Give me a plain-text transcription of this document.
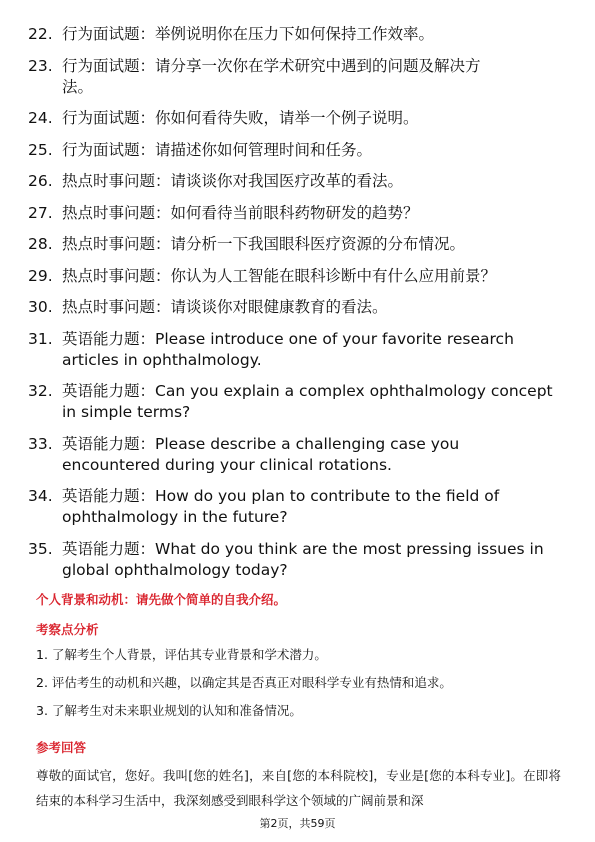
22. 行为面试题：举例说明你在压力下如何保持工作效率。
23. 行为面试题：请分享一次你在学术研究中遇到的问题及解决方
法。
24. 行为面试题：你如何看待失败，请举一个例子说明。
25. 行为面试题：请描述你如何管理时间和任务。
26. 热点时事问题：请谈谈你对我国医疗改革的看法。
27. 热点时事问题：如何看待当前眼科药物研发的趋势？
28. 热点时事问题：请分析一下我国眼科医疗资源的分布情况。
29. 热点时事问题：你认为人工智能在眼科诊断中有什么应用前景？
30. 热点时事问题：请谈谈你对眼健康教育的看法。
31. 英语能力题：Please introduce one of your favorite research
articles in ophthalmology.
32. 英语能力题：Can you explain a complex ophthalmology concept
in simple terms?
33. 英语能力题：Please describe a challenging case you
encountered during your clinical rotations.
34. 英语能力题：How do you plan to contribute to the field of
ophthalmology in the future?
35. 英语能力题：What do you think are the most pressing issues in
global ophthalmology today?
个人背景和动机：请先做个简单的自我介绍。
考察点分析
1. 了解考生个人背景，评估其专业背景和学术潜力。
2. 评估考生的动机和兴趣，以确定其是否真正对眼科学专业有热情和追求。
3. 了解考生对未来职业规划的认知和准备情况。
参考回答
尊敬的面试官，您好。我叫[您的姓名]，来自[您的本科院校]，专业是[您的本科专业]。在即将结束的本科学习生活中，我深刻感受到眼科学这个领域的广阔前景和深
第2页，共59页
